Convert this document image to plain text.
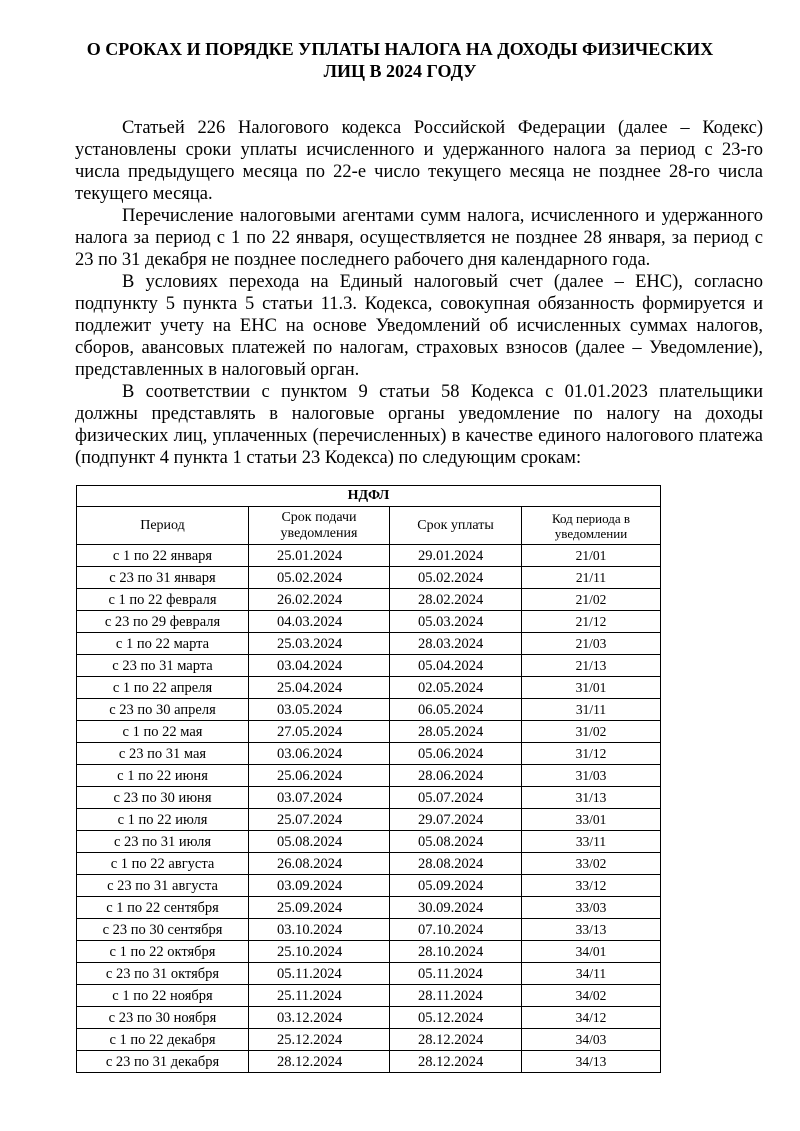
О СРОКАХ И ПОРЯДКЕ УПЛАТЫ НАЛОГА НА ДОХОДЫ ФИЗИЧЕСКИХ
ЛИЦ В 2024 ГОДУ

Статьей 226 Налогового кодекса Российской Федерации (далее – Кодекс) установлены сроки уплаты исчисленного и удержанного налога за период с 23-го числа предыдущего месяца по 22-е число текущего месяца не позднее 28-го числа текущего месяца.

Перечисление налоговыми агентами сумм налога, исчисленного и удержанного налога за период с 1 по 22 января, осуществляется не позднее 28 января, за период с 23 по 31 декабря не позднее последнего рабочего дня календарного года.

В условиях перехода на Единый налоговый счет (далее – ЕНС), согласно подпункту 5 пункта 5 статьи 11.3. Кодекса, совокупная обязанность формируется и подлежит учету на ЕНС на основе Уведомлений об исчисленных суммах налогов, сборов, авансовых платежей по налогам, страховых взносов (далее – Уведомление), представленных в налоговый орган.

В соответствии с пунктом 9 статьи 58 Кодекса с 01.01.2023 плательщики должны представлять в налоговые органы уведомление по налогу на доходы физических лиц, уплаченных (перечисленных) в качестве единого налогового платежа (подпункт 4 пункта 1 статьи 23 Кодекса) по следующим срокам:

НДФЛ			
Период	Срок подачи уведомления	Срок уплаты	Код периода в уведомлении
с 1 по 22 января	25.01.2024	29.01.2024	21/01
с 23 по 31 января	05.02.2024	05.02.2024	21/11
с 1 по 22 февраля	26.02.2024	28.02.2024	21/02
с 23 по 29 февраля	04.03.2024	05.03.2024	21/12
с 1 по 22 марта	25.03.2024	28.03.2024	21/03
с 23 по 31 марта	03.04.2024	05.04.2024	21/13
с 1 по 22 апреля	25.04.2024	02.05.2024	31/01
с 23 по 30 апреля	03.05.2024	06.05.2024	31/11
с 1 по 22 мая	27.05.2024	28.05.2024	31/02
с 23 по 31 мая	03.06.2024	05.06.2024	31/12
с 1 по 22 июня	25.06.2024	28.06.2024	31/03
с 23 по 30 июня	03.07.2024	05.07.2024	31/13
с 1 по 22 июля	25.07.2024	29.07.2024	33/01
с 23 по 31 июля	05.08.2024	05.08.2024	33/11
с 1 по 22 августа	26.08.2024	28.08.2024	33/02
с 23 по 31 августа	03.09.2024	05.09.2024	33/12
с 1 по 22 сентября	25.09.2024	30.09.2024	33/03
с 23 по 30 сентября	03.10.2024	07.10.2024	33/13
с 1 по 22 октября	25.10.2024	28.10.2024	34/01
с 23 по 31 октября	05.11.2024	05.11.2024	34/11
с 1 по 22 ноября	25.11.2024	28.11.2024	34/02
с 23 по 30 ноября	03.12.2024	05.12.2024	34/12
с 1 по 22 декабря	25.12.2024	28.12.2024	34/03
с 23 по 31 декабря	28.12.2024	28.12.2024	34/13
